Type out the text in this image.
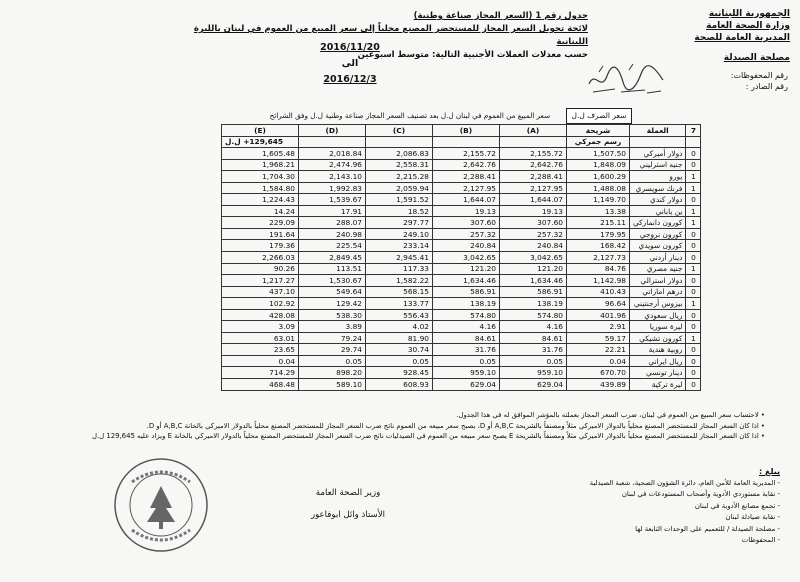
الجمهورية اللبنانية
وزارة الصحة العامة
المديرية العامة للصحة
مصلحة الصيدلة
جدول رقم 1 (السعر المجاز صناعة وطنية)
لائحة تحويل السعر المجاز للمستحضر المصنع محلياً إلى سعر المبيع من العموم في لبنان بالليرة اللبنانية
حسب معدلات العملات الأجنبية التالية: متوسط اسبوعين
2016/11/20
الى
2016/12/3	رقم المحفوظات:
رقم الصادر :
سعر المبيع من العموم في لبنان ل.ل بعد تصنيف السعر المجاز صناعة وطنية ل.ل وفق الشرائح	سعر الصرف ل.ل
(E)	(D)	(C)	(B)	(A)	شريحة	العملة	7
129,645+ ل.ل					رسم جمركي		
1,605.48	2,018.84	2,086.83	2,155.72	2,155.72	1,507.50	دولار أميركي	0
1,968.21	2,474.96	2,558.31	2,642.76	2,642.76	1,848.09	جنيه استرليني	0
1,704.30	2,143.10	2,215.28	2,288.41	2,288.41	1,600.29	يورو	1
1,584.80	1,992.83	2,059.94	2,127.95	2,127.95	1,488.08	فرنك سويسري	1
1,224.43	1,539.67	1,591.52	1,644.07	1,644.07	1,149.70	دولار كندي	0
14.24	17.91	18.52	19.13	19.13	13.38	ين ياباني	1
229.09	288.07	297.77	307.60	307.60	215.11	كورون دانماركي	1
191.64	240.98	249.10	257.32	257.32	179.95	كورون نروجي	0
179.36	225.54	233.14	240.84	240.84	168.42	كورون سويدي	0
2,266.03	2,849.45	2,945.41	3,042.65	3,042.65	2,127.73	دينار أردني	0
90.26	113.51	117.33	121.20	121.20	84.76	جنيه مصري	1
1,217.27	1,530.67	1,582.22	1,634.46	1,634.46	1,142.98	دولار استرالي	0
437.10	549.64	568.15	586.91	586.91	410.43	درهم اماراتي	0
102.92	129.42	133.77	138.19	138.19	96.64	بيزوس أرجنتيني	1
428.08	538.30	556.43	574.80	574.80	401.96	ريال سعودي	0
3.09	3.89	4.02	4.16	4.16	2.91	ليرة سوريا	0
63.01	79.24	81.90	84.61	84.61	59.17	كورون تشيكي	1
23.65	29.74	30.74	31.76	31.76	22.21	روبية هندية	0
0.04	0.05	0.05	0.05	0.05	0.04	ريال ايراني	0
714.29	898.20	928.45	959.10	959.10	670.70	دينار تونسي	0
468.48	589.10	608.93	629.04	629.04	439.89	ليرة تركية	0
• لاحتساب سعر المبيع من العموم في لبنان، ضرب السعر المجاز بعملته بالمؤشر الموافق له في هذا الجدول.
• اذا كان السعر المجاز للمستحضر المصنع محلياً بالدولار الاميركي مثلاً ومصنفاً بالشريحة A,B,C أو D، يصبح سعر مبيعه من العموم ناتج ضرب السعر المجاز للمستحضر المصنع محلياً بالدولار الاميركي بالخانة A,B,C أو D.
• اذا كان السعر المجاز للمستحضر المصنع محلياً بالدولار الاميركي مثلاً ومصنفاً بالشريحة E يصبح سعر مبيعه من العموم في الصيدليات ناتج ضرب السعر المجاز للمستحضر المصنع محلياً بالدولار الاميركي بالخانة E ويزاد عليه 129,645 ل.ل
وزير الصحة العامة
الأستاذ وائل ابوفاعور
يبلغ :
- المديرية العامة للأمن العام، دائرة الشؤون الصحية، شعبة الصيدلية
- نقابة مستوردي الأدوية وأصحاب المستودعات في لبنان
- تجمع مصانع الأدوية في لبنان
- نقابة صيادلة لبنان
- مصلحة الصيدلة / للتعميم على الوحدات التابعة لها
- المحفوظات
